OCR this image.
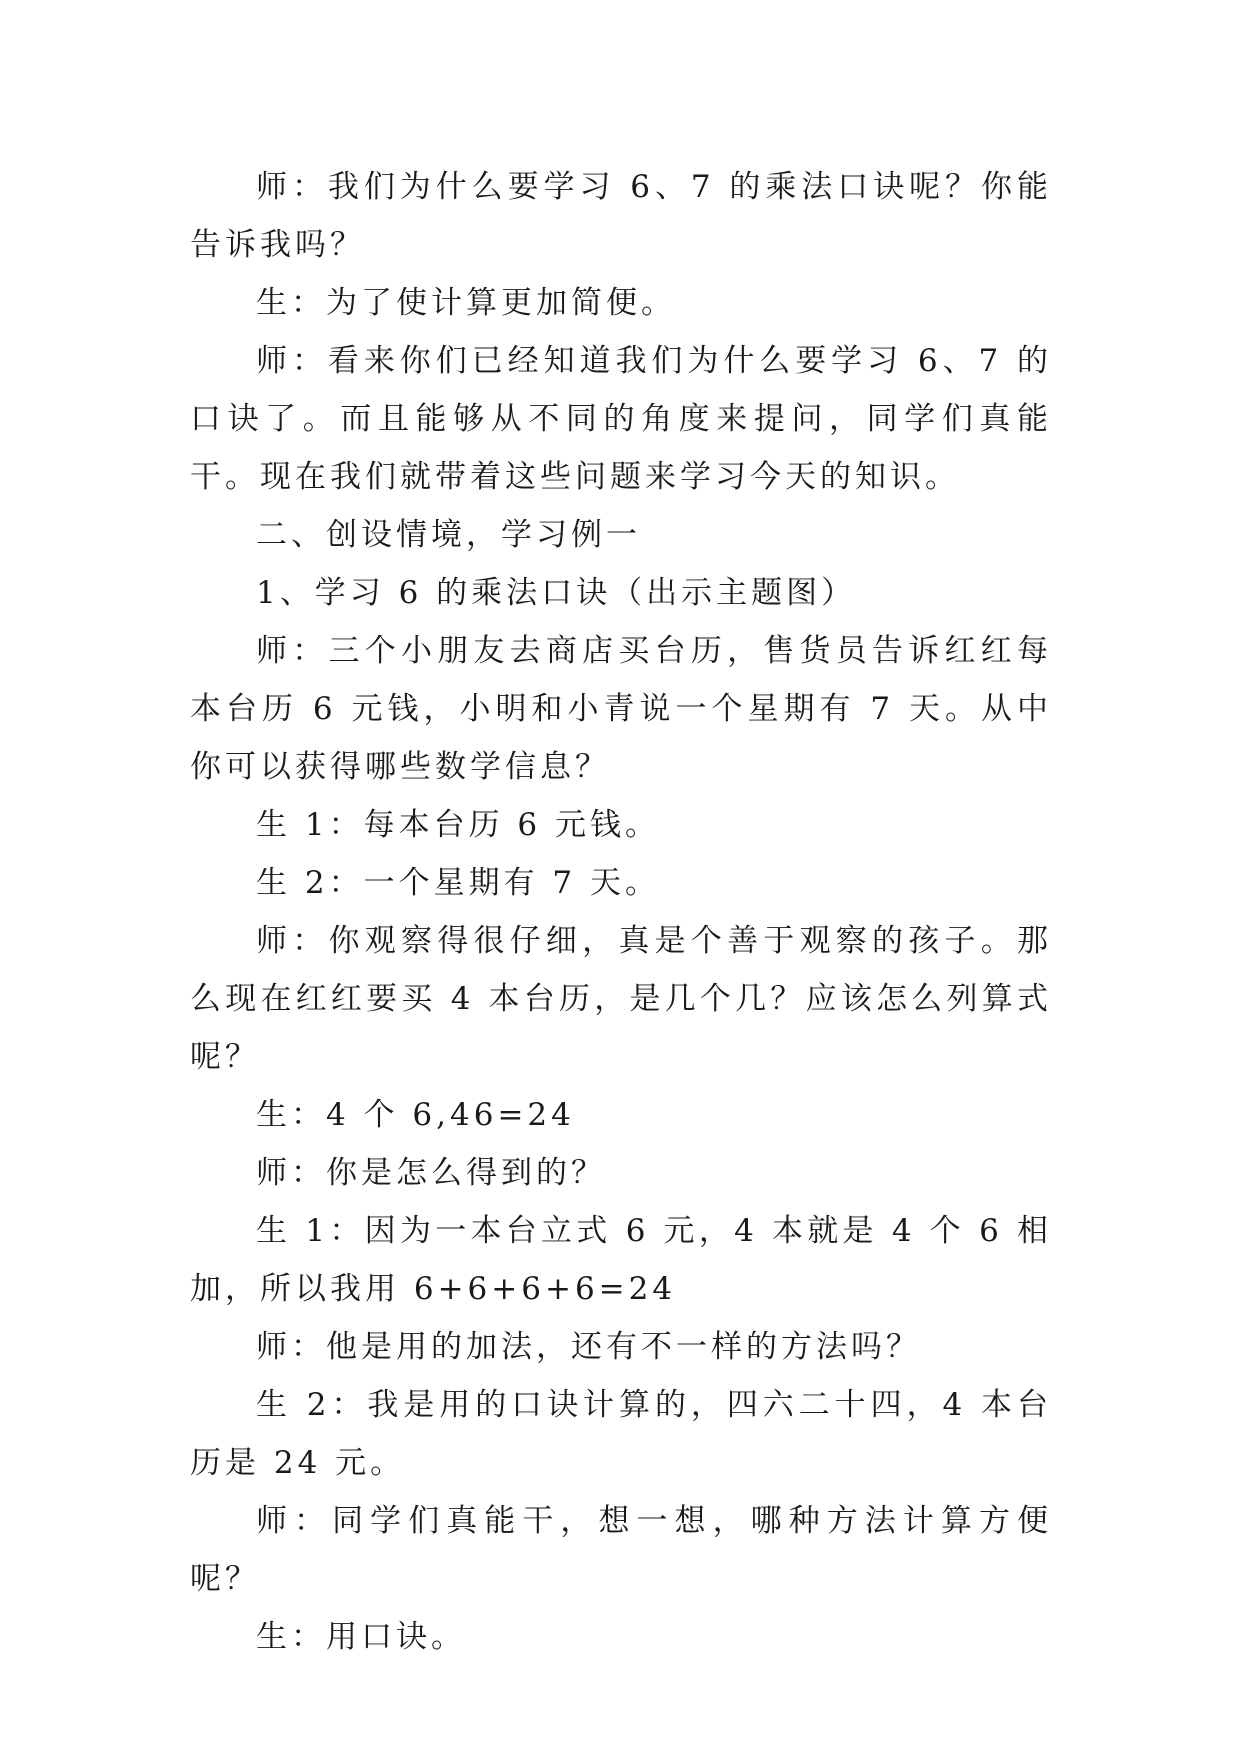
师：我们为什么要学习 6、7 的乘法口诀呢？你能告诉我吗？

生：为了使计算更加简便。

师：看来你们已经知道我们为什么要学习 6、7 的口诀了。而且能够从不同的角度来提问，同学们真能干。现在我们就带着这些问题来学习今天的知识。

二、创设情境，学习例一

1、学习 6 的乘法口诀（出示主题图）

师：三个小朋友去商店买台历，售货员告诉红红每本台历 6 元钱，小明和小青说一个星期有 7 天。从中你可以获得哪些数学信息？

生 1：每本台历 6 元钱。

生 2：一个星期有 7 天。

师：你观察得很仔细，真是个善于观察的孩子。那么现在红红要买 4 本台历，是几个几？应该怎么列算式呢？

生：4 个 6,46=24

师：你是怎么得到的？

生 1：因为一本台立式 6 元，4 本就是 4 个 6 相加，所以我用 6+6+6+6=24

师：他是用的加法，还有不一样的方法吗？

生 2：我是用的口诀计算的，四六二十四，4 本台历是 24 元。

师：同学们真能干，想一想，哪种方法计算方便呢？

生：用口诀。
